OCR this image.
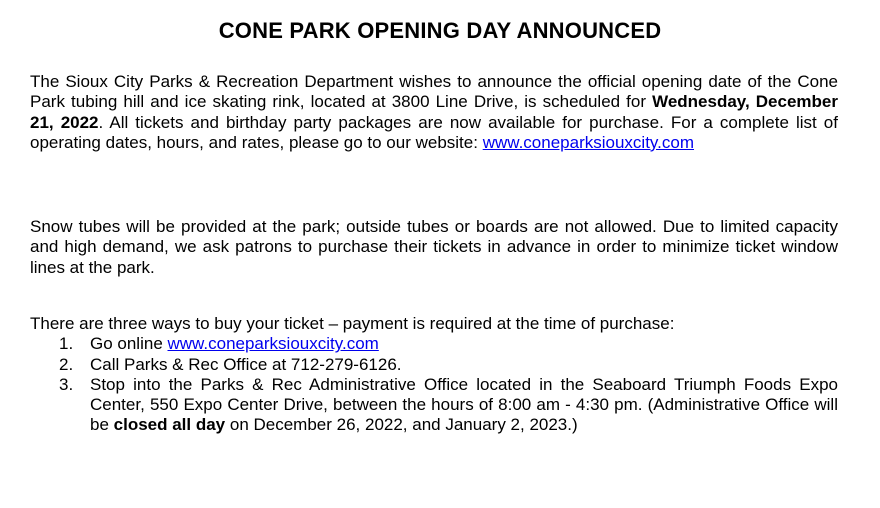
CONE PARK OPENING DAY ANNOUNCED
The Sioux City Parks & Recreation Department wishes to announce the official opening date of the Cone Park tubing hill and ice skating rink, located at 3800 Line Drive, is scheduled for Wednesday, December 21, 2022. All tickets and birthday party packages are now available for purchase. For a complete list of operating dates, hours, and rates, please go to our website: www.coneparksiouxcity.com
Snow tubes will be provided at the park; outside tubes or boards are not allowed. Due to limited capacity and high demand, we ask patrons to purchase their tickets in advance in order to minimize ticket window lines at the park.
There are three ways to buy your ticket – payment is required at the time of purchase:
1. Go online www.coneparksiouxcity.com
2. Call Parks & Rec Office at 712-279-6126.
3. Stop into the Parks & Rec Administrative Office located in the Seaboard Triumph Foods Expo Center, 550 Expo Center Drive, between the hours of 8:00 am - 4:30 pm. (Administrative Office will be closed all day on December 26, 2022, and January 2, 2023.)
